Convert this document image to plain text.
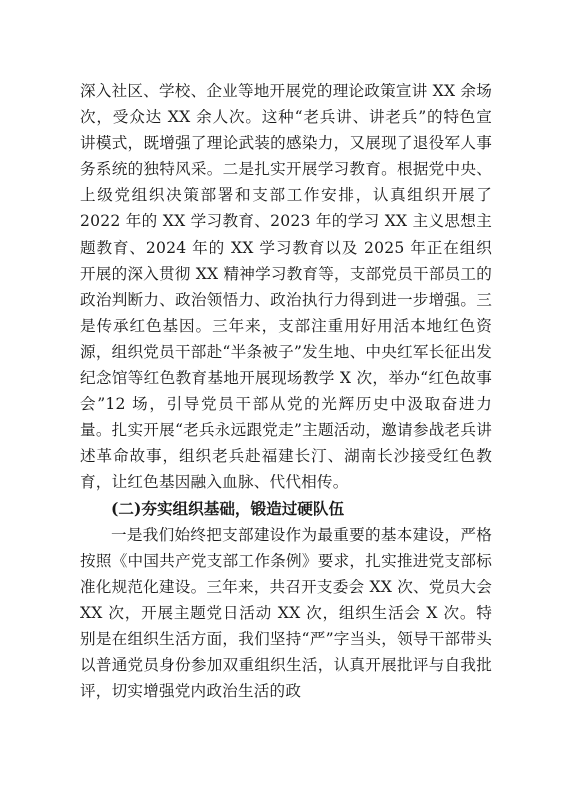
深入社区、学校、企业等地开展党的理论政策宣讲 XX 余场次，受众达 XX 余人次。这种“老兵讲、讲老兵”的特色宣讲模式，既增强了理论武装的感染力，又展现了退役军人事务系统的独特风采。二是扎实开展学习教育。根据党中央、上级党组织决策部署和支部工作安排，认真组织开展了 2022 年的 XX 学习教育、2023 年的学习 XX 主义思想主题教育、2024 年的 XX 学习教育以及 2025 年正在组织开展的深入贯彻 XX 精神学习教育等，支部党员干部员工的政治判断力、政治领悟力、政治执行力得到进一步增强。三是传承红色基因。三年来，支部注重用好用活本地红色资源，组织党员干部赴“半条被子”发生地、中央红军长征出发纪念馆等红色教育基地开展现场教学 X 次，举办“红色故事会”12 场，引导党员干部从党的光辉历史中汲取奋进力量。扎实开展“老兵永远跟党走”主题活动，邀请参战老兵讲述革命故事，组织老兵赴福建长汀、湖南长沙接受红色教育，让红色基因融入血脉、代代相传。

(二)夯实组织基础，锻造过硬队伍

一是我们始终把支部建设作为最重要的基本建设，严格按照《中国共产党支部工作条例》要求，扎实推进党支部标准化规范化建设。三年来，共召开支委会 XX 次、党员大会 XX 次，开展主题党日活动 XX 次，组织生活会 X 次。特别是在组织生活方面，我们坚持“严”字当头，领导干部带头以普通党员身份参加双重组织生活，认真开展批评与自我批评，切实增强党内政治生活的政
